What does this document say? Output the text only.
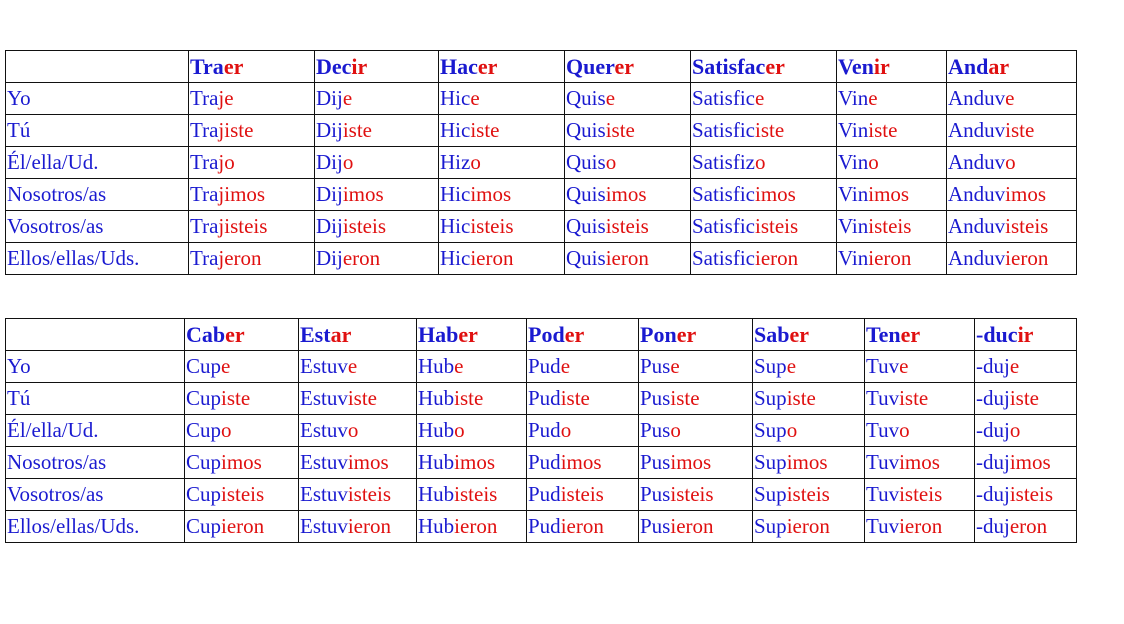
	Traer	Decir	Hacer	Querer	Satisfacer	Venir	Andar
Yo	Traje	Dije	Hice	Quise	Satisfice	Vine	Anduve
Tú	Trajiste	Dijiste	Hiciste	Quisiste	Satisficiste	Viniste	Anduviste
Él/ella/Ud.	Trajo	Dijo	Hizo	Quiso	Satisfizo	Vino	Anduvo
Nosotros/as	Trajimos	Dijimos	Hicimos	Quisimos	Satisficimos	Vinimos	Anduvimos
Vosotros/as	Trajisteis	Dijisteis	Hicisteis	Quisisteis	Satisficisteis	Vinisteis	Anduvisteis
Ellos/ellas/Uds.	Trajeron	Dijeron	Hicieron	Quisieron	Satisficieron	Vinieron	Anduvieron
	Caber	Estar	Haber	Poder	Poner	Saber	Tener	-ducir
Yo	Cupe	Estuve	Hube	Pude	Puse	Supe	Tuve	-duje
Tú	Cupiste	Estuviste	Hubiste	Pudiste	Pusiste	Supiste	Tuviste	-dujiste
Él/ella/Ud.	Cupo	Estuvo	Hubo	Pudo	Puso	Supo	Tuvo	-dujo
Nosotros/as	Cupimos	Estuvimos	Hubimos	Pudimos	Pusimos	Supimos	Tuvimos	-dujimos
Vosotros/as	Cupisteis	Estuvisteis	Hubisteis	Pudisteis	Pusisteis	Supisteis	Tuvisteis	-dujisteis
Ellos/ellas/Uds.	Cupieron	Estuvieron	Hubieron	Pudieron	Pusieron	Supieron	Tuvieron	-dujeron
